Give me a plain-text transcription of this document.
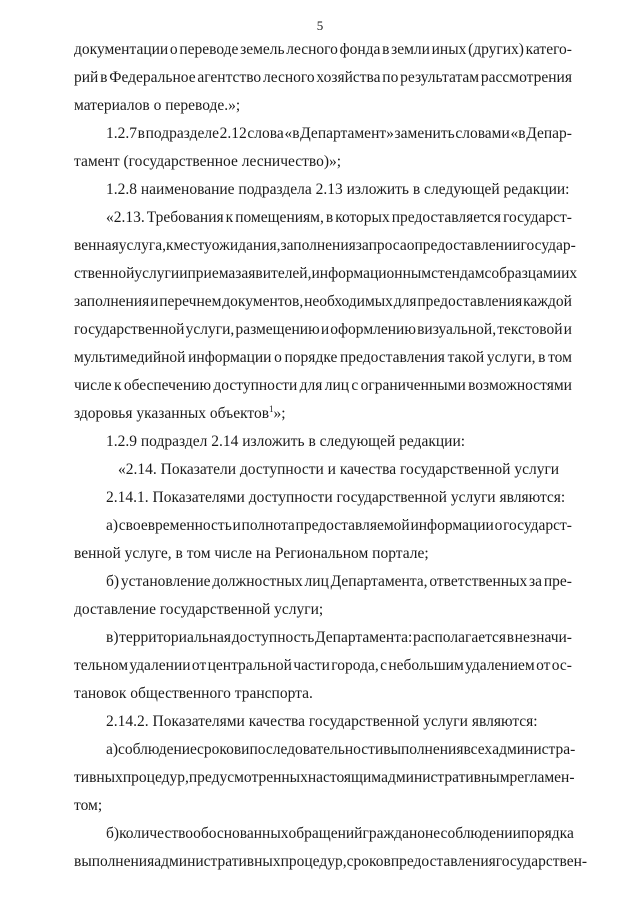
5
документации о переводе земель лесного фонда в земли иных (других) катего-
рий в Федеральное агентство лесного хозяйства по результатам рассмотрения
материалов о переводе.»;
1.2.7 в подразделе 2.12 слова «в Департамент» заменить словами «в Депар-
тамент (государственное лесничество)»;
1.2.8 наименование подраздела 2.13 изложить в следующей редакции:
«2.13. Требования к помещениям, в которых предоставляется государст-
венная услуга, к месту ожидания, заполнения запроса о предоставлении государ-
ственной услуги и приема заявителей, информационным стендам с образцами их
заполнения и перечнем документов, необходимых для предоставления каждой
государственной услуги, размещению и оформлению визуальной, текстовой и
мультимедийной информации о порядке предоставления такой услуги, в том
числе к обеспечению доступности для лиц с ограниченными возможностями
здоровья указанных объектов$^1$»;
1.2.9 подраздел 2.14 изложить в следующей редакции:
«2.14. Показатели доступности и качества государственной услуги
2.14.1. Показателями доступности государственной услуги являются:
а) своевременность и полнота предоставляемой информации о государст-
венной услуге, в том числе на Региональном портале;
б) установление должностных лиц Департамента, ответственных за пре-
доставление государственной услуги;
в) территориальная доступность Департамента: располагается в незначи-
тельном удалении от центральной части города, с небольшим удалением от ос-
тановок общественного транспорта.
2.14.2. Показателями качества государственной услуги являются:
а) соблюдение сроков и последовательности выполнения всех администра-
тивных процедур, предусмотренных настоящим административным регламен-
том;
б) количество обоснованных обращений граждан о несоблюдении порядка
выполнения административных процедур, сроков предоставления государствен-
